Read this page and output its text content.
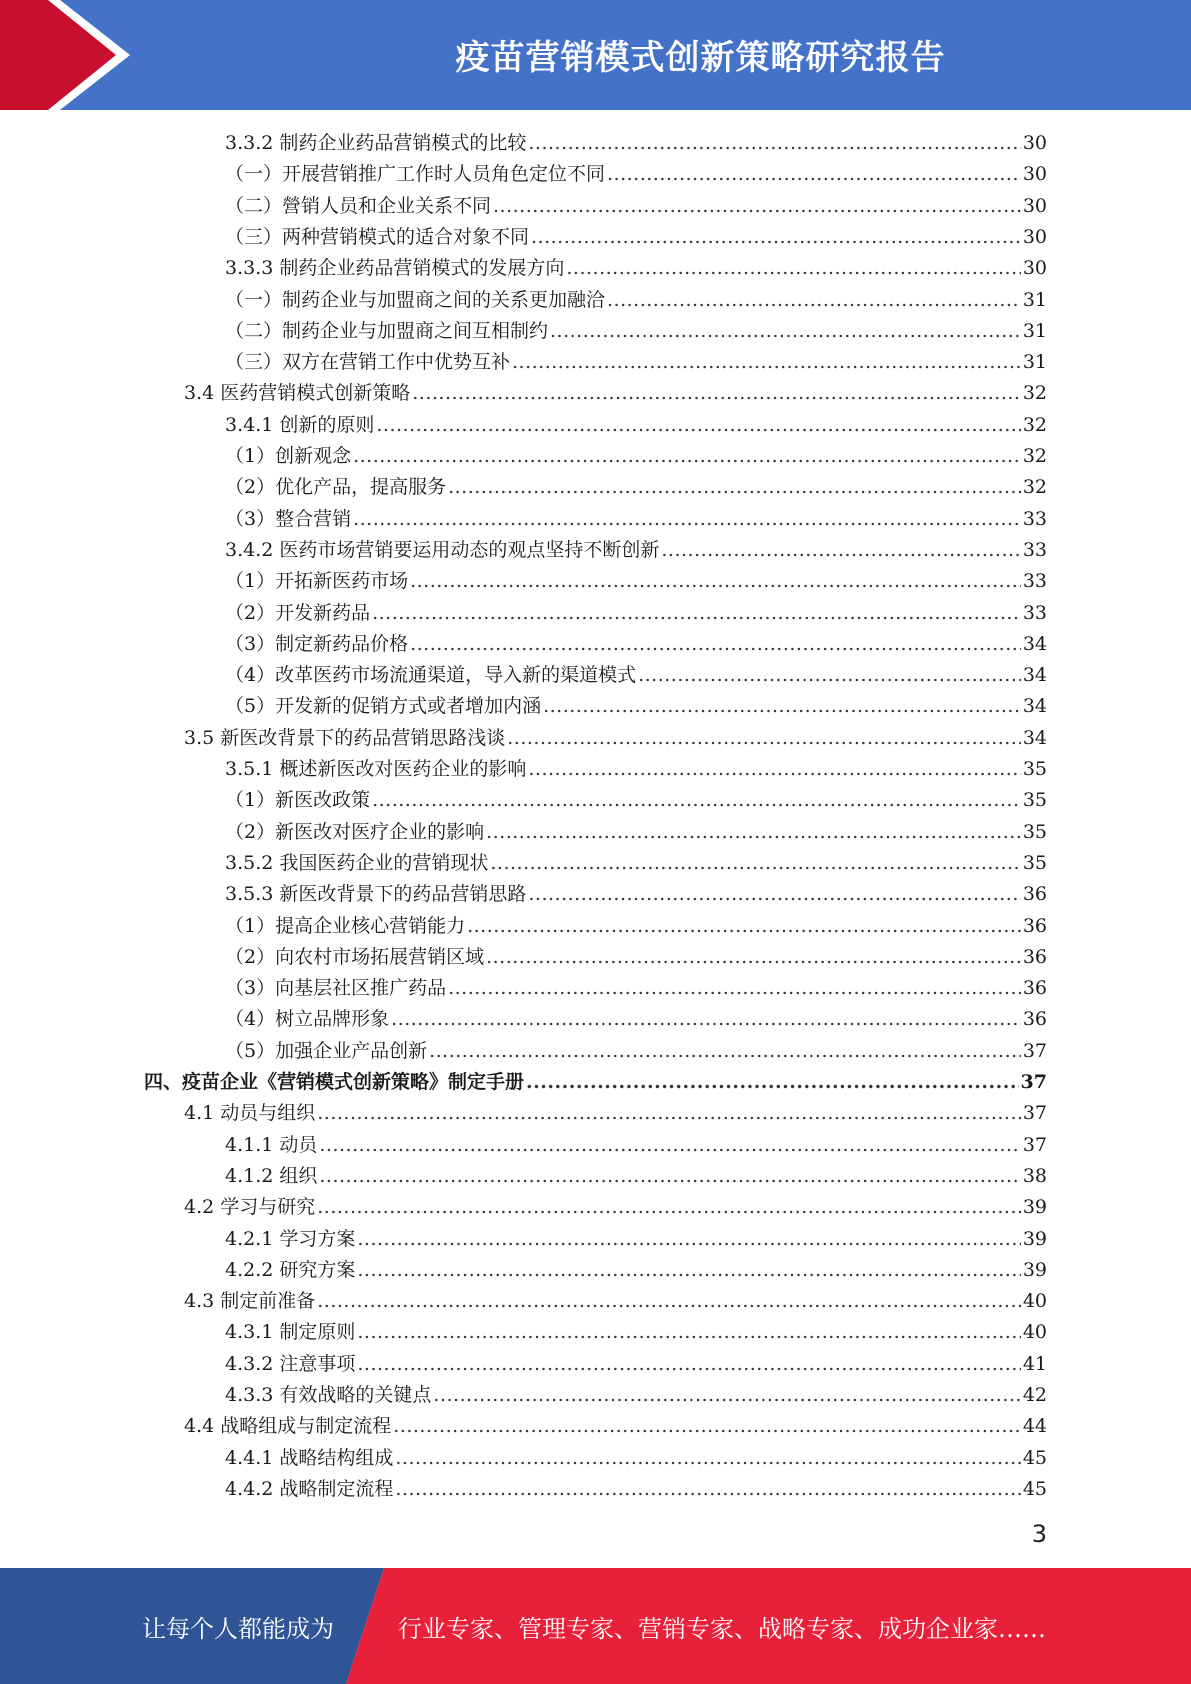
疫苗营销模式创新策略研究报告
3.3.2 制药企业药品营销模式的比较 .....	30
（一）开展营销推广工作时人员角色定位不同 .....	30
（二）營销人员和企业关系不同 .....	30
（三）两种营销模式的适合对象不同 .....	30
3.3.3 制药企业药品营销模式的发展方向 .....	30
（一）制药企业与加盟商之间的关系更加融洽 .....	31
（二）制药企业与加盟商之间互相制约 .....	31
（三）双方在营销工作中优势互补 .....	31
3.4 医药营销模式创新策略 .....	32
3.4.1 创新的原则 .....	32
（1）创新观念 .....	32
（2）优化产品，提高服务 .....	32
（3）整合营销 .....	33
3.4.2 医药市场营销要运用动态的观点坚持不断创新 .....	33
（1）开拓新医药市场 .....	33
（2）开发新药品 .....	33
（3）制定新药品价格 .....	34
（4）改革医药市场流通渠道，导入新的渠道模式 .....	34
（5）开发新的促销方式或者增加内涵 .....	34
3.5 新医改背景下的药品营销思路浅谈 .....	34
3.5.1 概述新医改对医药企业的影响 .....	35
（1）新医改政策 .....	35
（2）新医改对医疗企业的影响 .....	35
3.5.2 我国医药企业的营销现状 .....	35
3.5.3 新医改背景下的药品营销思路 .....	36
（1）提高企业核心营销能力 .....	36
（2）向农村市场拓展营销区域 .....	36
（3）向基层社区推广药品 .....	36
（4）树立品牌形象 .....	36
（5）加强企业产品创新 .....	37
四、疫苗企业《营销模式创新策略》制定手册 .....	37
4.1 动员与组织 .....	37
4.1.1 动员 .....	37
4.1.2 组织 .....	38
4.2 学习与研究 .....	39
4.2.1 学习方案 .....	39
4.2.2 研究方案 .....	39
4.3 制定前准备 .....	40
4.3.1 制定原则 .....	40
4.3.2 注意事项 .....	41
4.3.3 有效战略的关键点 .....	42
4.4 战略组成与制定流程 .....	44
4.4.1 战略结构组成 .....	45
4.4.2 战略制定流程 .....	45
3
让每个人都能成为	行业专家、管理专家、营销专家、战略专家、成功企业家……
